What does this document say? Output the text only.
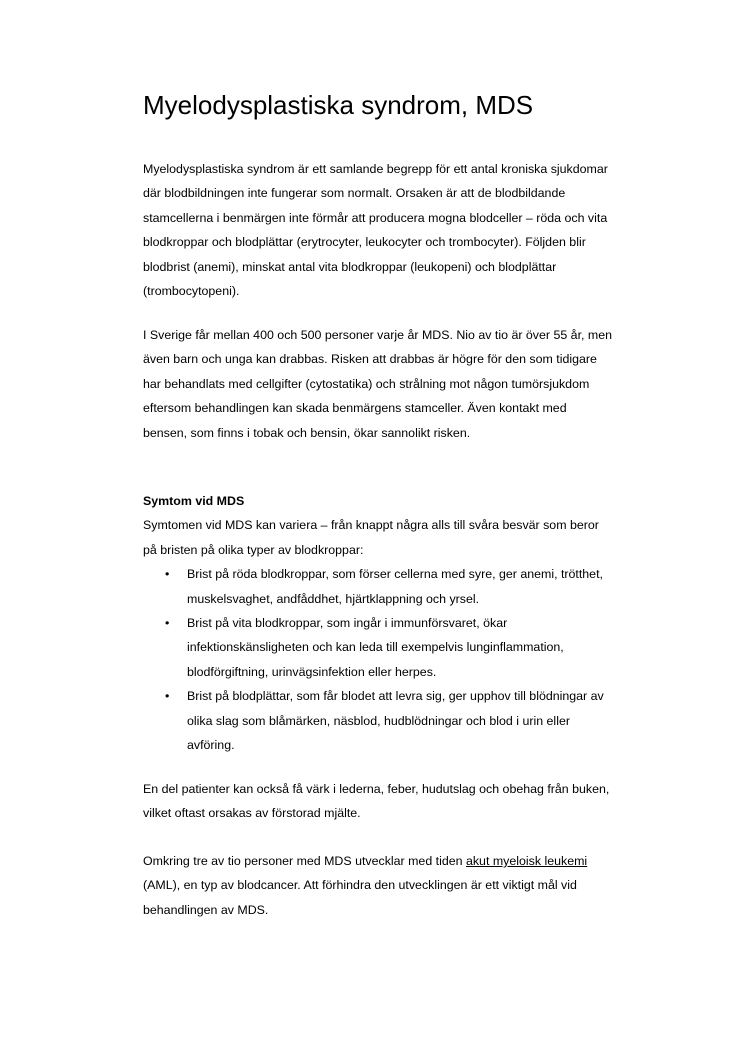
Myelodysplastiska syndrom, MDS

Myelodysplastiska syndrom är ett samlande begrepp för ett antal kroniska sjukdomar där blodbildningen inte fungerar som normalt. Orsaken är att de blodbildande stamcellerna i benmärgen inte förmår att producera mogna blodceller – röda och vita blodkroppar och blodplättar (erytrocyter, leukocyter och trombocyter). Följden blir blodbrist (anemi), minskat antal vita blodkroppar (leukopeni) och blodplättar (trombocytopeni).

I Sverige får mellan 400 och 500 personer varje år MDS. Nio av tio är över 55 år, men även barn och unga kan drabbas. Risken att drabbas är högre för den som tidigare har behandlats med cellgifter (cytostatika) och strålning mot någon tumörsjukdom eftersom behandlingen kan skada benmärgens stamceller. Även kontakt med bensen, som finns i tobak och bensin, ökar sannolikt risken.

Symtom vid MDS
Symtomen vid MDS kan variera – från knappt några alls till svåra besvär som beror på bristen på olika typer av blodkroppar:
• Brist på röda blodkroppar, som förser cellerna med syre, ger anemi, trötthet, muskelsvaghet, andfåddhet, hjärtklappning och yrsel.
• Brist på vita blodkroppar, som ingår i immunförsvaret, ökar infektionskänsligheten och kan leda till exempelvis lunginflammation, blodförgiftning, urinvägsinfektion eller herpes.
• Brist på blodplättar, som får blodet att levra sig, ger upphov till blödningar av olika slag som blåmärken, näsblod, hudblödningar och blod i urin eller avföring.

En del patienter kan också få värk i lederna, feber, hudutslag och obehag från buken, vilket oftast orsakas av förstorad mjälte.

Omkring tre av tio personer med MDS utvecklar med tiden akut myeloisk leukemi (AML), en typ av blodcancer. Att förhindra den utvecklingen är ett viktigt mål vid behandlingen av MDS.
